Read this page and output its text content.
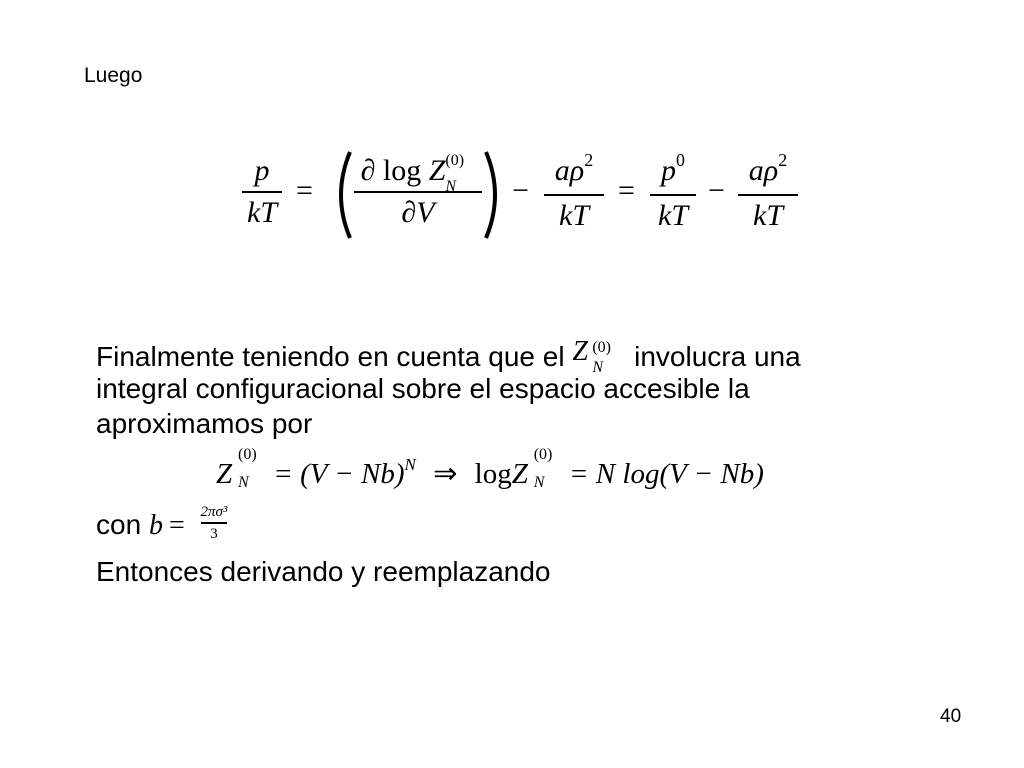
Luego
p
kT
=
∂ log Z (0)
N
∂V
−
$a\rho^2$
kT
=
$p^0$
kT
−
$a\rho^2$
kT
Finalmente teniendo en cuenta que el Z (0)
N involucra una
integral configuracional sobre el espacio accesible la
aproximamos por
Z
(0)
$N = (V - Nb)^N$ ⇒ log Z
(0)
N = N log(V − Nb)
con $b = \frac{\text{2πσ³}}{3}$
Entonces derivando y reemplazando
40
